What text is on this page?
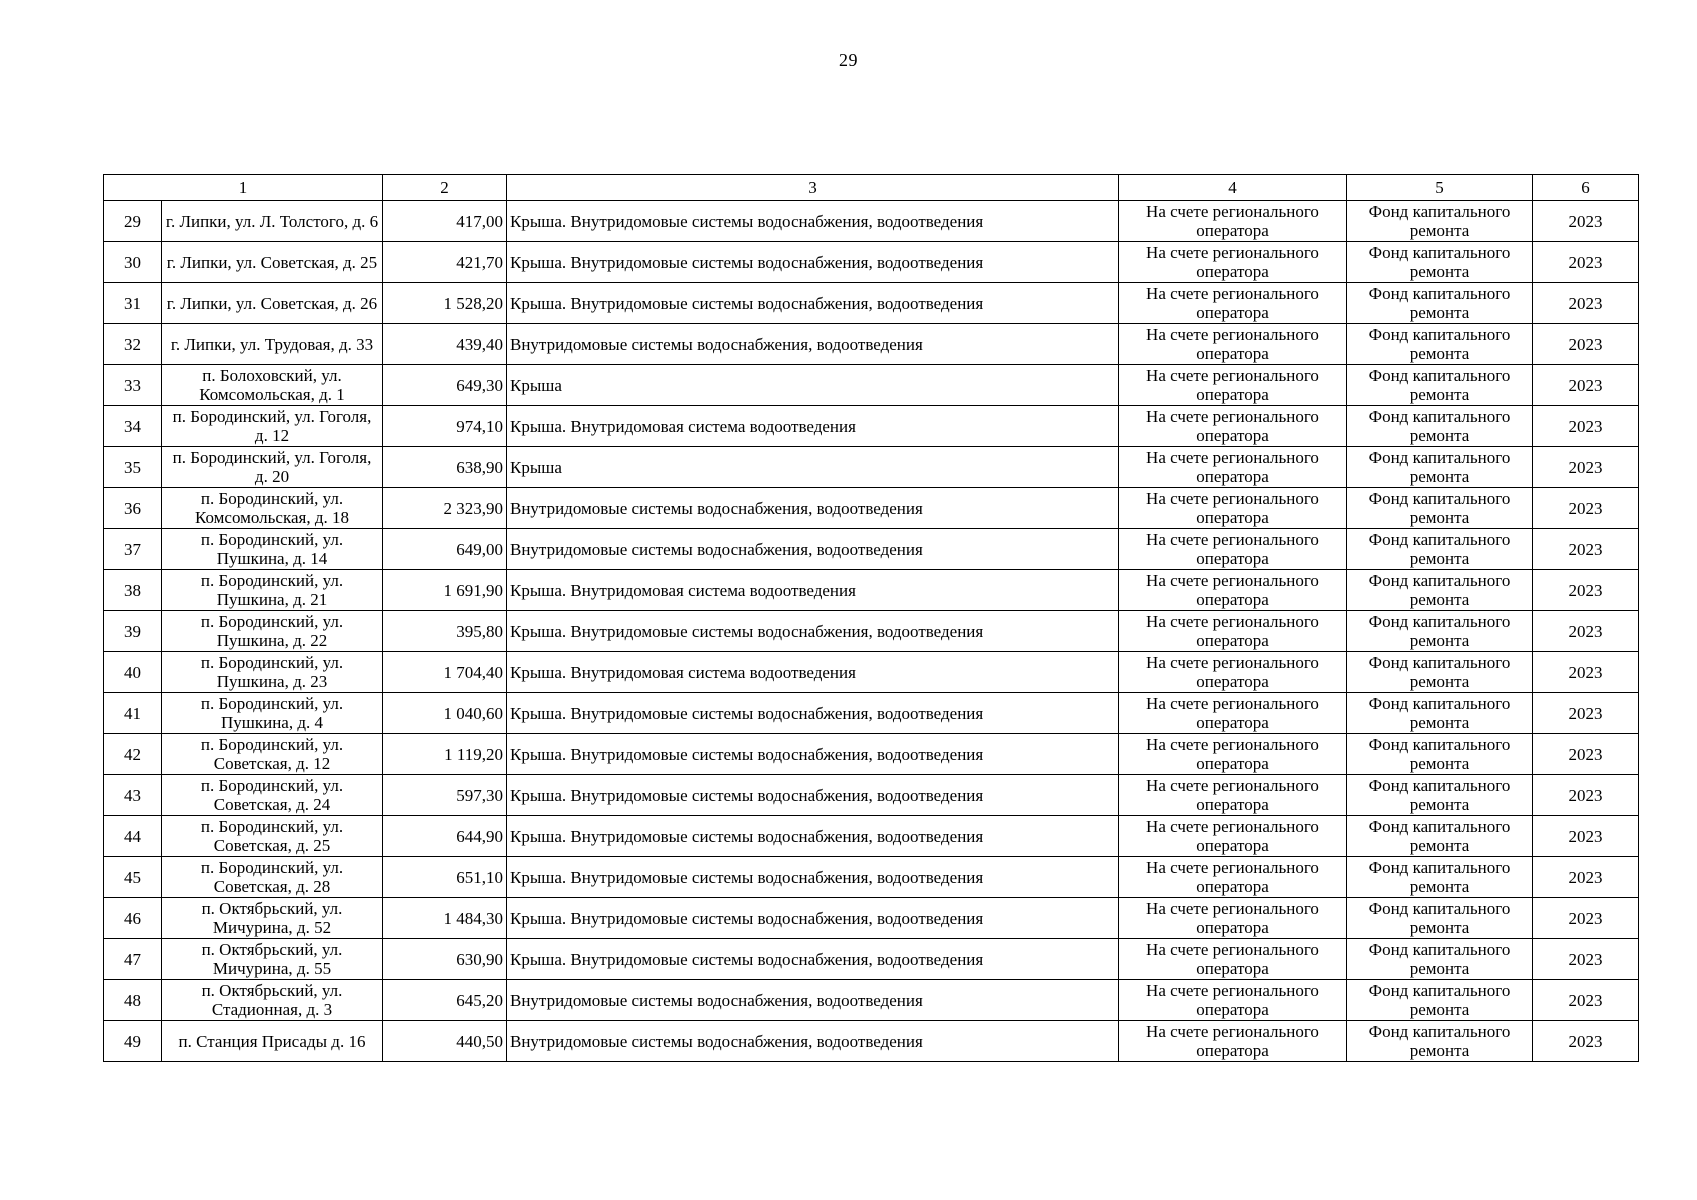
29
1		2	3	4	5	6
29	г. Липки, ул. Л. Толстого, д. 6	417,00	Крыша. Внутридомовые системы водоснабжения, водоотведения	На счете регионального оператора	Фонд капитального ремонта	2023
30	г. Липки, ул. Советская, д. 25	421,70	Крыша. Внутридомовые системы водоснабжения, водоотведения	На счете регионального оператора	Фонд капитального ремонта	2023
31	г. Липки, ул. Советская, д. 26	1 528,20	Крыша. Внутридомовые системы водоснабжения, водоотведения	На счете регионального оператора	Фонд капитального ремонта	2023
32	г. Липки, ул. Трудовая, д. 33	439,40	Внутридомовые системы водоснабжения, водоотведения	На счете регионального оператора	Фонд капитального ремонта	2023
33	п. Болоховский, ул. Комсомольская, д. 1	649,30	Крыша	На счете регионального оператора	Фонд капитального ремонта	2023
34	п. Бородинский, ул. Гоголя, д. 12	974,10	Крыша. Внутридомовая система водоотведения	На счете регионального оператора	Фонд капитального ремонта	2023
35	п. Бородинский, ул. Гоголя, д. 20	638,90	Крыша	На счете регионального оператора	Фонд капитального ремонта	2023
36	п. Бородинский, ул. Комсомольская, д. 18	2 323,90	Внутридомовые системы водоснабжения, водоотведения	На счете регионального оператора	Фонд капитального ремонта	2023
37	п. Бородинский, ул. Пушкина, д. 14	649,00	Внутридомовые системы водоснабжения, водоотведения	На счете регионального оператора	Фонд капитального ремонта	2023
38	п. Бородинский, ул. Пушкина, д. 21	1 691,90	Крыша. Внутридомовая система водоотведения	На счете регионального оператора	Фонд капитального ремонта	2023
39	п. Бородинский, ул. Пушкина, д. 22	395,80	Крыша. Внутридомовые системы водоснабжения, водоотведения	На счете регионального оператора	Фонд капитального ремонта	2023
40	п. Бородинский, ул. Пушкина, д. 23	1 704,40	Крыша. Внутридомовая система водоотведения	На счете регионального оператора	Фонд капитального ремонта	2023
41	п. Бородинский, ул. Пушкина, д. 4	1 040,60	Крыша. Внутридомовые системы водоснабжения, водоотведения	На счете регионального оператора	Фонд капитального ремонта	2023
42	п. Бородинский, ул. Советская, д. 12	1 119,20	Крыша. Внутридомовые системы водоснабжения, водоотведения	На счете регионального оператора	Фонд капитального ремонта	2023
43	п. Бородинский, ул. Советская, д. 24	597,30	Крыша. Внутридомовые системы водоснабжения, водоотведения	На счете регионального оператора	Фонд капитального ремонта	2023
44	п. Бородинский, ул. Советская, д. 25	644,90	Крыша. Внутридомовые системы водоснабжения, водоотведения	На счете регионального оператора	Фонд капитального ремонта	2023
45	п. Бородинский, ул. Советская, д. 28	651,10	Крыша. Внутридомовые системы водоснабжения, водоотведения	На счете регионального оператора	Фонд капитального ремонта	2023
46	п. Октябрьский, ул. Мичурина, д. 52	1 484,30	Крыша. Внутридомовые системы водоснабжения, водоотведения	На счете регионального оператора	Фонд капитального ремонта	2023
47	п. Октябрьский, ул. Мичурина, д. 55	630,90	Крыша. Внутридомовые системы водоснабжения, водоотведения	На счете регионального оператора	Фонд капитального ремонта	2023
48	п. Октябрьский, ул. Стадионная, д. 3	645,20	Внутридомовые системы водоснабжения, водоотведения	На счете регионального оператора	Фонд капитального ремонта	2023
49	п. Станция Присады д. 16	440,50	Внутридомовые системы водоснабжения, водоотведения	На счете регионального оператора	Фонд капитального ремонта	2023
